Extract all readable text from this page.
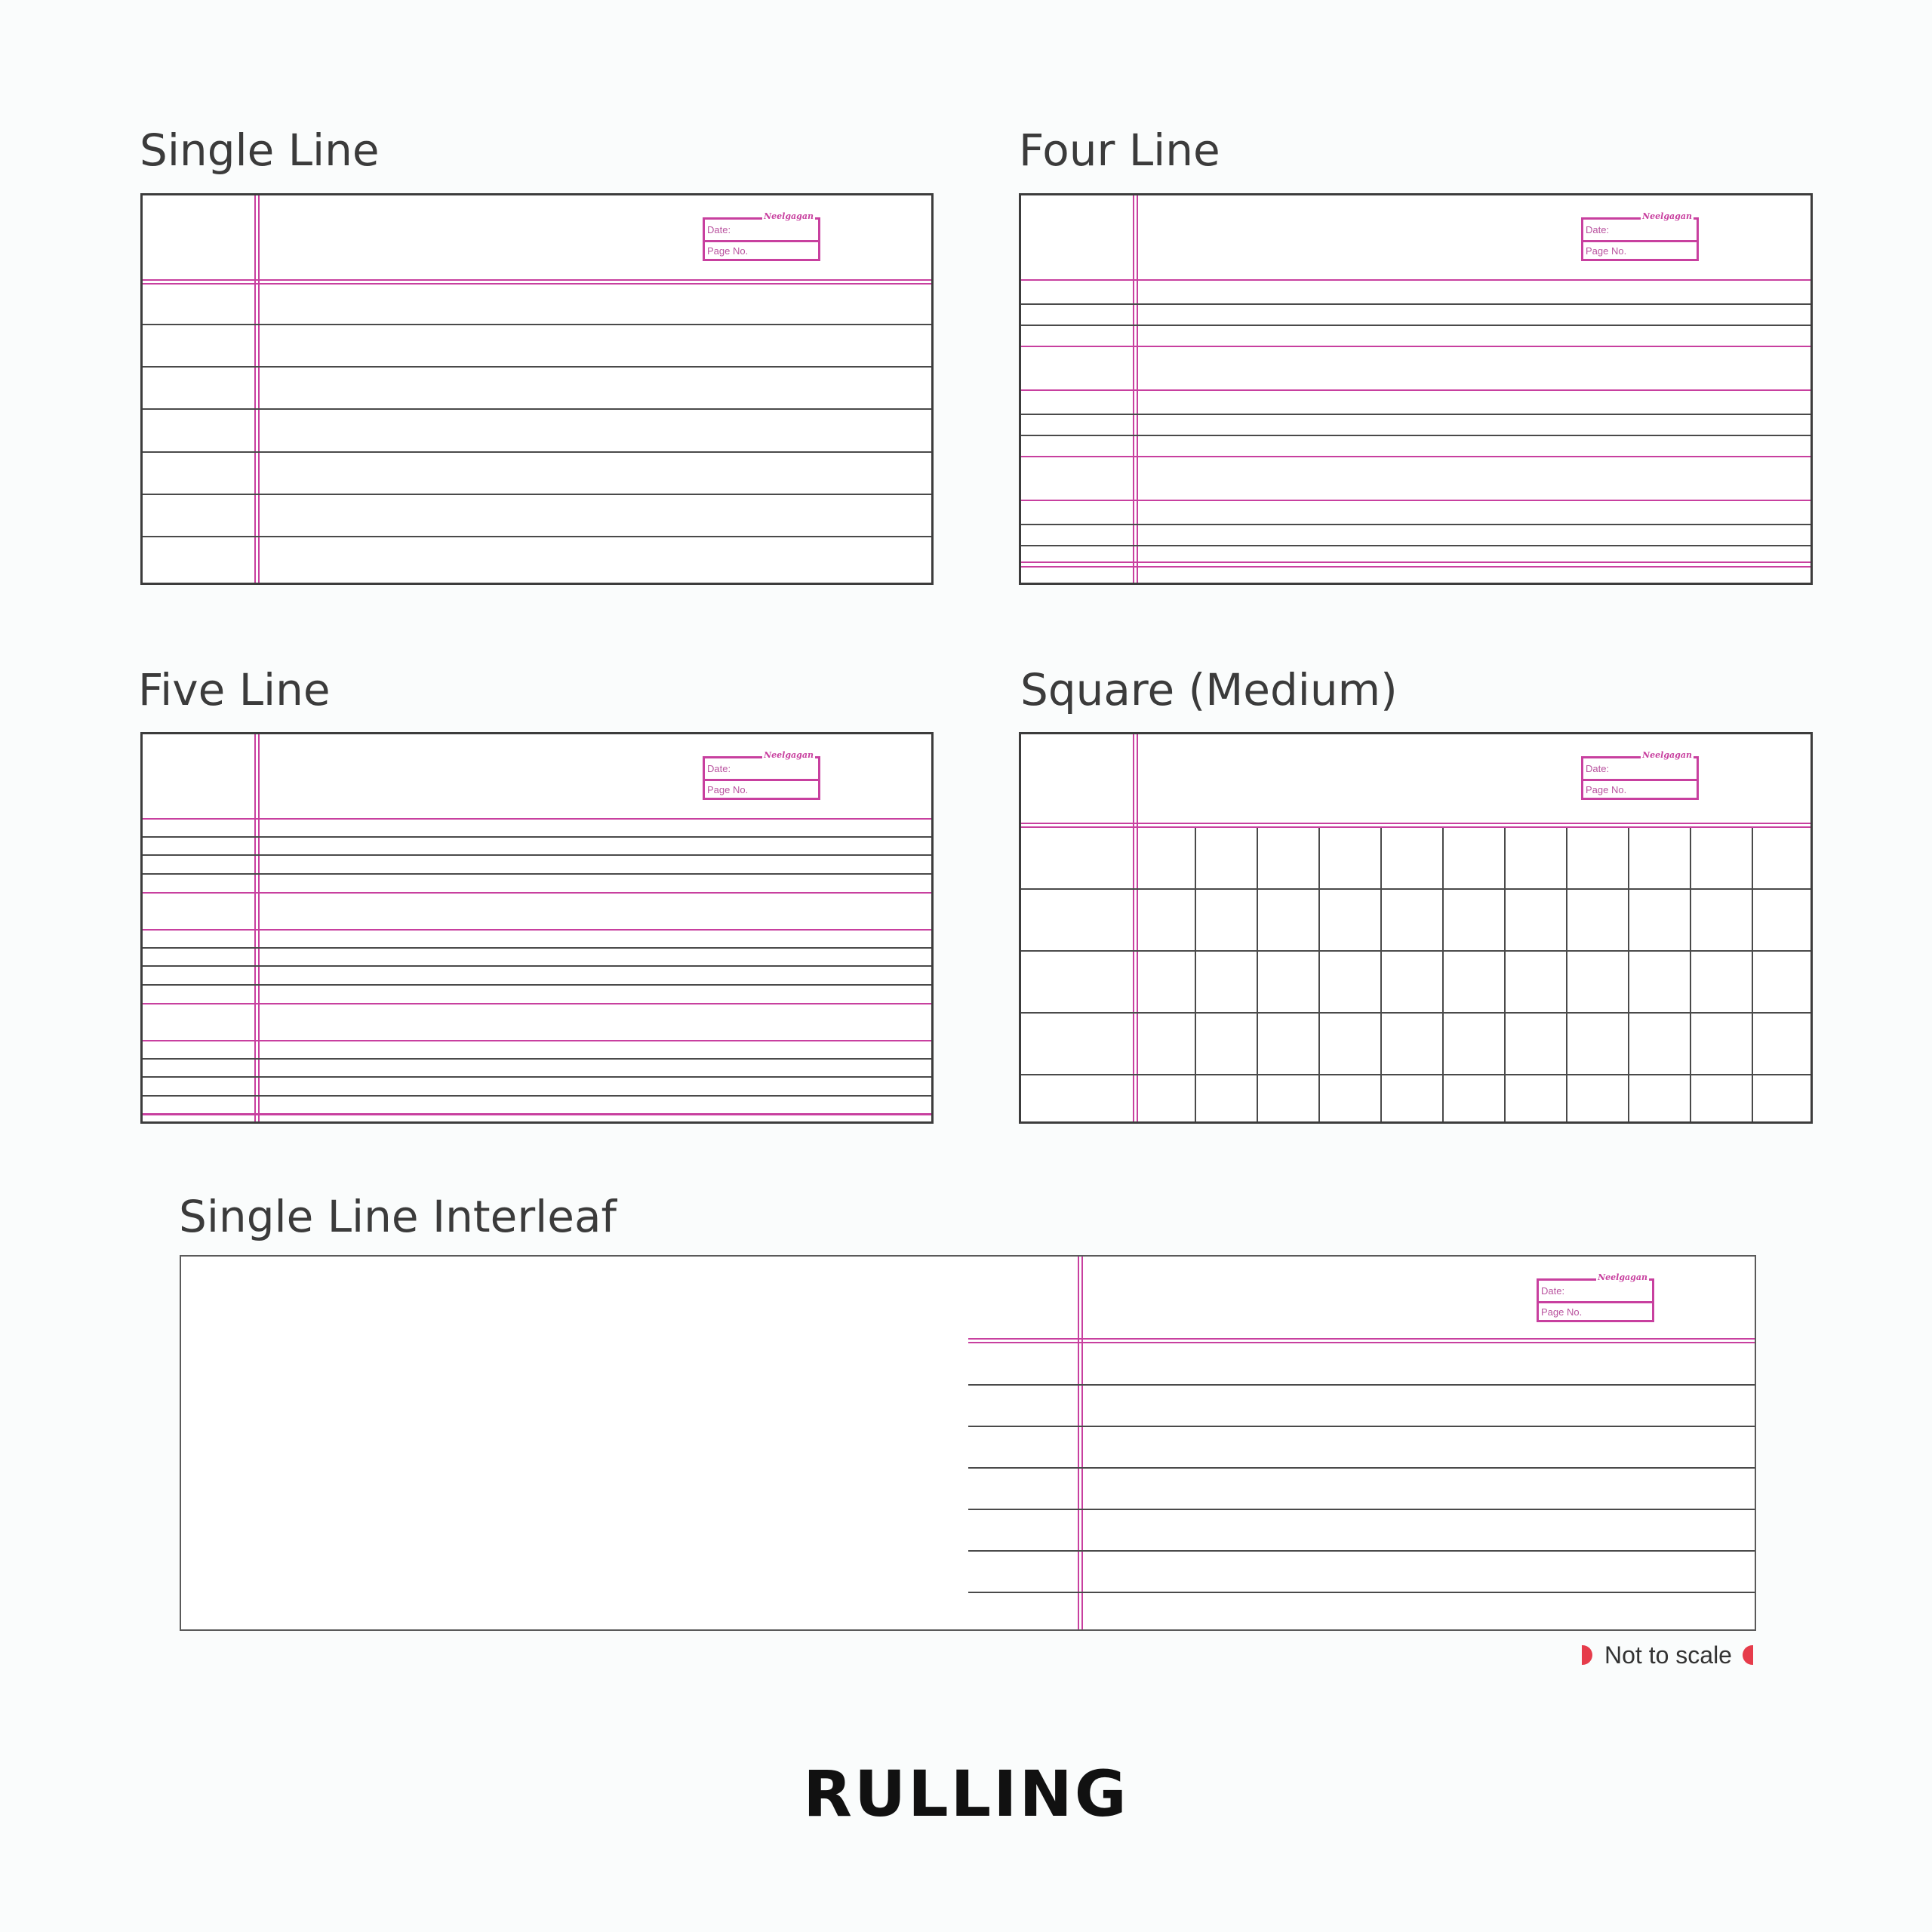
Single Line	Four Line
Five Line	Square (Medium)
Single Line Interleaf
Date:
Page No.
Neelgagan
Date:
Page No.
Neelgagan
Date:
Page No.
Neelgagan
Date:
Page No.
Neelgagan
Date:
Page No.
Neelgagan
Not to scale
RULLING
